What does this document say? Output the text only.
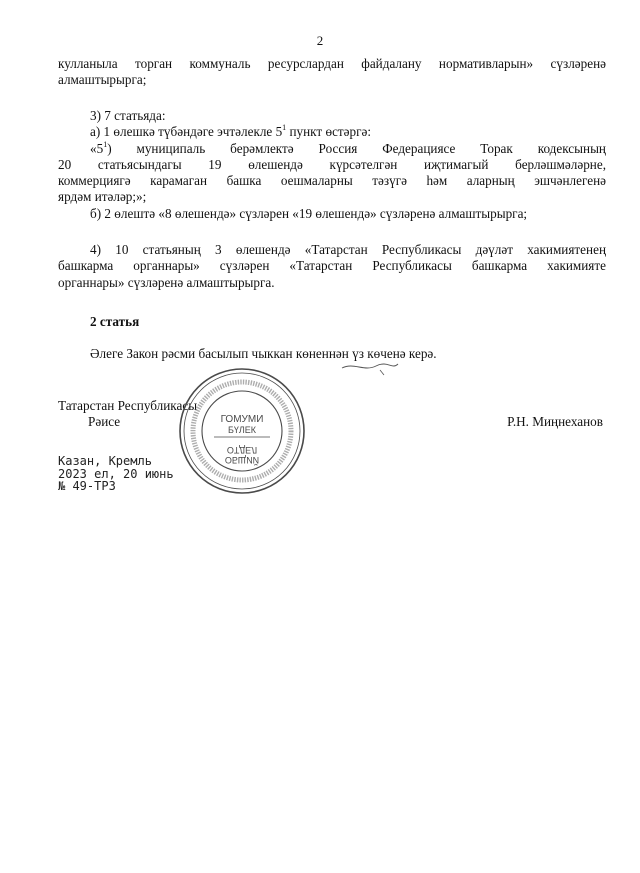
2

кулланыла торган коммуналь ресурслардан файдалану нормативларын» сүзләренә

алмаштырырга;

3) 7 статьяда:

а) 1 өлешкә түбәндәге эчтәлекле $5^1$ пункт өстәргә:

«$5^1$) муниципаль берәмлектә Россия Федерациясе Торак кодексының

20 статьясындагы 19 өлешендә күрсәтелгән иҗтимагый берләшмәләрне,

коммерциягә карамаган башка оешмаларны тәзүгә һәм аларның эшчәнлегенә

ярдәм итәләр;»;

б) 2 өлештә «8 өлешендә» сүзләрен «19 өлешендә» сүзләренә алмаштырырга;

4) 10 статьяның 3 өлешендә «Татарстан Республикасы дәүләт хакимиятенең

башкарма органнары» сүзләрен «Татарстан Республикасы башкарма хакимияте

органнары» сүзләренә алмаштырырга.

2 статья
Әлеге Закон рәсми басылып чыккан көненнән үз көченә керә.
Татарстан Республикасы
Рәисе	Р.Н. Миңнеханов
ГОМУМИ
БҮЛЕК
ОТДЕЛ
ОБЩИЙ
Казан, Кремль
2023 ел, 20 июнь
№ 49-ТРЗ
